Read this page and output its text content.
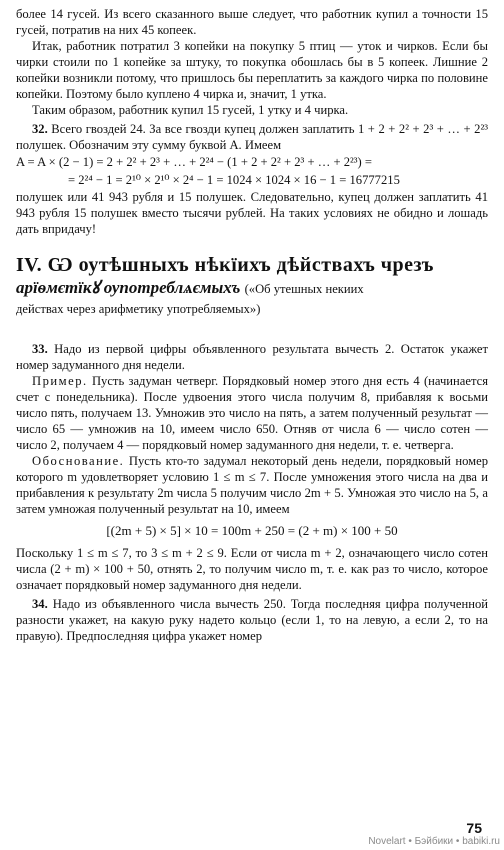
более 14 гусей. Из всего сказанного выше следует, что работник купил а точности 15 гусей, потратив на них 45 копеек.

Итак, работник потратил 3 копейки на покупку 5 птиц — уток и чирков. Если бы чирки стоили по 1 копейке за штуку, то покупка обошлась бы в 5 копеек. Лишние 2 копейки возникли потому, что пришлось бы переплатить за каждого чирка по половине копейки. Поэтому было куплено 4 чирка и, значит, 1 утка.

Таким образом, работник купил 15 гусей, 1 утку и 4 чирка.

32. Всего гвоздей 24. За все гвозди купец должен заплатить 1 + 2 + 2² + 2³ + … + 2²³ полушек. Обозначим эту сумму буквой A. Имеем

A = A × (2 − 1) = 2 + 2² + 2³ + … + 2²⁴ − (1 + 2 + 2² + 2³ + … + 2²³) =

= 2²⁴ − 1 = 2¹⁰ × 2¹⁰ × 2⁴ − 1 = 1024 × 1024 × 16 − 1 = 16777215

полушек или 41 943 рубля и 15 полушек. Следовательно, купец должен заплатить 41 943 рубля 15 полушек вместо тысячи рублей. На таких условиях не обидно и лошадь дать впридачу!

IV. Ѡ оутѣшныхъ нѣкїихъ дѣйствахъ чрезъ
арїѳмєтїкꙋ оупотреблѧємыхъ («Об утешных некиих
действах через арифметику употребляемых»)

33. Надо из первой цифры объявленного результата вычесть 2. Остаток укажет номер задуманного дня недели.

Пример. Пусть задуман четверг. Порядковый номер этого дня есть 4 (начинается счет с понедельника). После удвоения этого числа получим 8, прибавляя к восьми число пять, получаем 13. Умножив это число на пять, а затем полученный результат — число 65 — умножив на 10, имеем число 650. Отняв от числа 6 — число сотен — число 2, получаем 4 — порядковый номер задуманного дня недели, т. е. четверга.

Обоснование. Пусть кто-то задумал некоторый день недели, порядковый номер которого m удовлетворяет условию 1 ≤ m ≤ 7. После умножения этого числа на два и прибавления к результату 2m числа 5 получим число 2m + 5. Умножая это число на 5, а затем умножая полученный результат на 10, имеем

[(2m + 5) × 5] × 10 = 100m + 250 = (2 + m) × 100 + 50

Поскольку 1 ≤ m ≤ 7, то 3 ≤ m + 2 ≤ 9. Если от числа m + 2, означающего число сотен числа (2 + m) × 100 + 50, отнять 2, то получим число m, т. е. как раз то число, которое означает порядковый номер задуманного дня недели.

34. Надо из объявленного числа вычесть 250. Тогда последняя цифра полученной разности укажет, на какую руку надето кольцо (если 1, то на левую, а если 2, то на правую). Предпоследняя цифра укажет номер

75
Novelart • Бэйбики • babiki.ru
